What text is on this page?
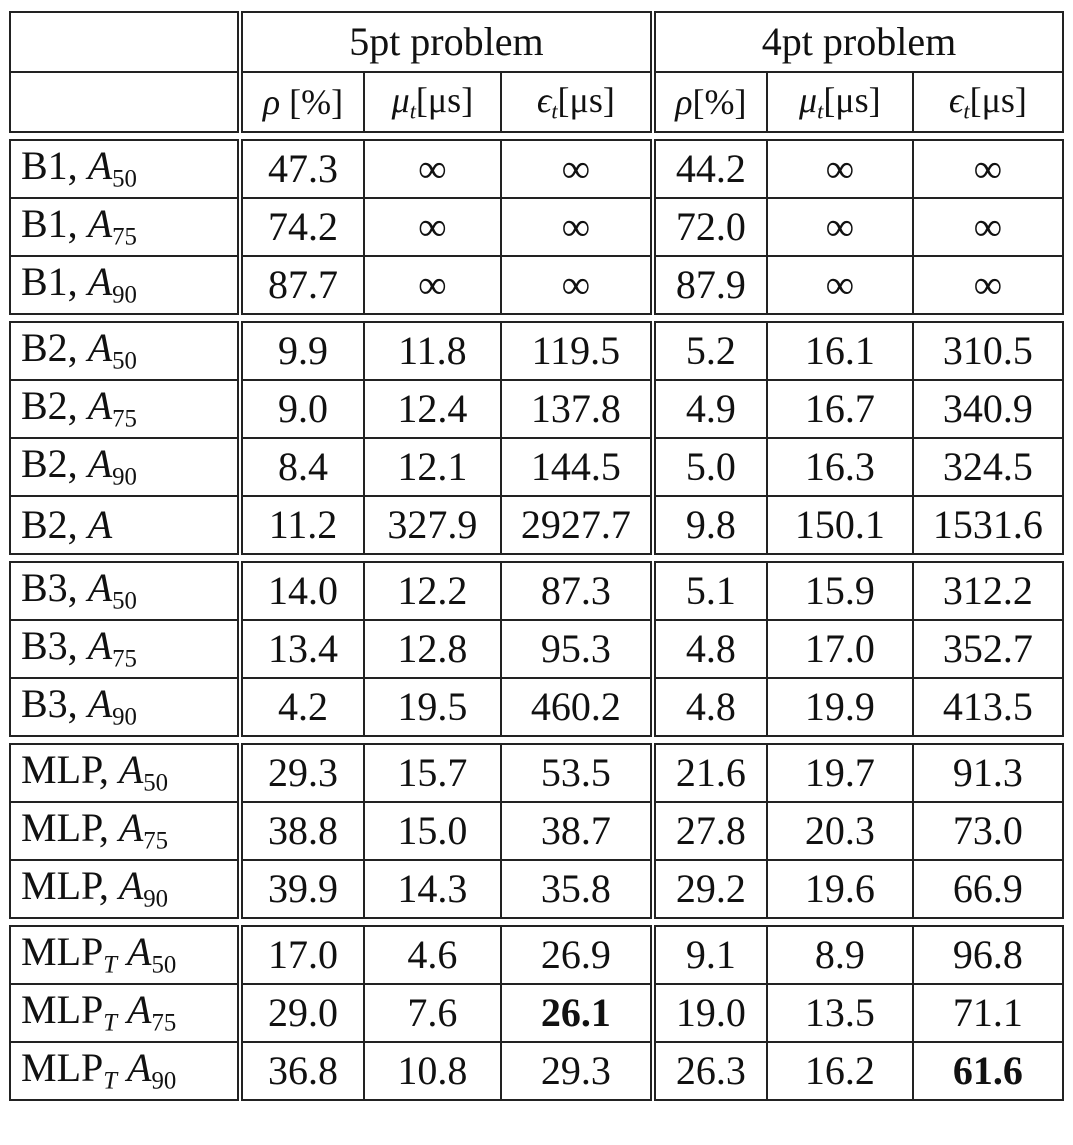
	5pt problem			4pt problem		
	ρ [%]	$\mu_t[\mu s]$	$\epsilon_t[\mu s]$	ρ[%]	$\mu_t[\mu s]$	$\epsilon_t[\mu s]$

B1, $A_{50}$	47.3	∞	∞	44.2	∞	∞
B1, $A_{75}$	74.2	∞	∞	72.0	∞	∞
B1, $A_{90}$	87.7	∞	∞	87.9	∞	∞

B2, $A_{50}$	9.9	11.8	119.5	5.2	16.1	310.5
B2, $A_{75}$	9.0	12.4	137.8	4.9	16.7	340.9
B2, $A_{90}$	8.4	12.1	144.5	5.0	16.3	324.5
B2, A	11.2	327.9	2927.7	9.8	150.1	1531.6

B3, $A_{50}$	14.0	12.2	87.3	5.1	15.9	312.2
B3, $A_{75}$	13.4	12.8	95.3	4.8	17.0	352.7
B3, $A_{90}$	4.2	19.5	460.2	4.8	19.9	413.5

MLP, $A_{50}$	29.3	15.7	53.5	21.6	19.7	91.3
MLP, $A_{75}$	38.8	15.0	38.7	27.8	20.3	73.0
MLP, $A_{90}$	39.9	14.3	35.8	29.2	19.6	66.9

$MLP_T$ $A_{50}$	17.0	4.6	26.9	9.1	8.9	96.8
$MLP_T$ $A_{75}$	29.0	7.6	26.1	19.0	13.5	71.1
$MLP_T$ $A_{90}$	36.8	10.8	29.3	26.3	16.2	61.6
